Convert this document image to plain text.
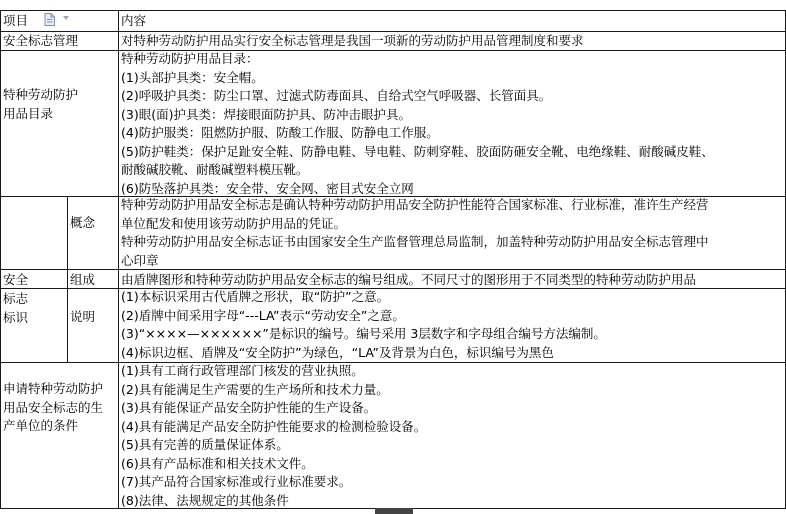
项目	内容
安全标志管理	对特种劳动防护用品实行安全标志管理是我国一项新的劳动防护用品管理制度和要求
特种劳动防护
用品目录
特种劳动防护用品目录：
(1)头部护具类：安全帽。
(2)呼吸护具类：防尘口罩、过滤式防毒面具、自给式空气呼吸器、长管面具。
(3)眼(面)护具类：焊接眼面防护具、防冲击眼护具。
(4)防护服类：阻燃防护服、防酸工作服、防静电工作服。
(5)防护鞋类：保护足趾安全鞋、防静电鞋、导电鞋、防刺穿鞋、胶面防砸安全靴、电绝缘鞋、耐酸碱皮鞋、
耐酸碱胶靴、耐酸碱塑料模压靴。
(6)防坠落护具类：安全带、安全网、密目式安全立网
安全
标志
标识
概念
特种劳动防护用品安全标志是确认特种劳动防护用品安全防护性能符合国家标准、行业标准，准许生产经营
单位配发和使用该劳动防护用品的凭证。
特种劳动防护用品安全标志证书由国家安全生产监督管理总局监制，加盖特种劳动防护用品安全标志管理中
心印章
组成 由盾牌图形和特种劳动防护用品安全标志的编号组成。不同尺寸的图形用于不同类型的特种劳动防护用品
说明
(1)本标识采用古代盾牌之形状，取“防护”之意。
(2)盾牌中间采用字母“---LA”表示“劳动安全”之意。
(3)“××××—××××××”是标识的编号。编号采用 3层数字和字母组合编号方法编制。
(4)标识边框、盾牌及“安全防护”为绿色，“LA”及背景为白色，标识编号为黑色
申请特种劳动防护
用品安全标志的生
产单位的条件
(1)具有工商行政管理部门核发的营业执照。
(2)具有能满足生产需要的生产场所和技术力量。
(3)具有能保证产品安全防护性能的生产设备。
(4)具有能满足产品安全防护性能要求的检测检验设备。
(5)具有完善的质量保证体系。
(6)具有产品标准和相关技术文件。
(7)其产品符合国家标准或行业标准要求。
(8)法律、法规规定的其他条件
